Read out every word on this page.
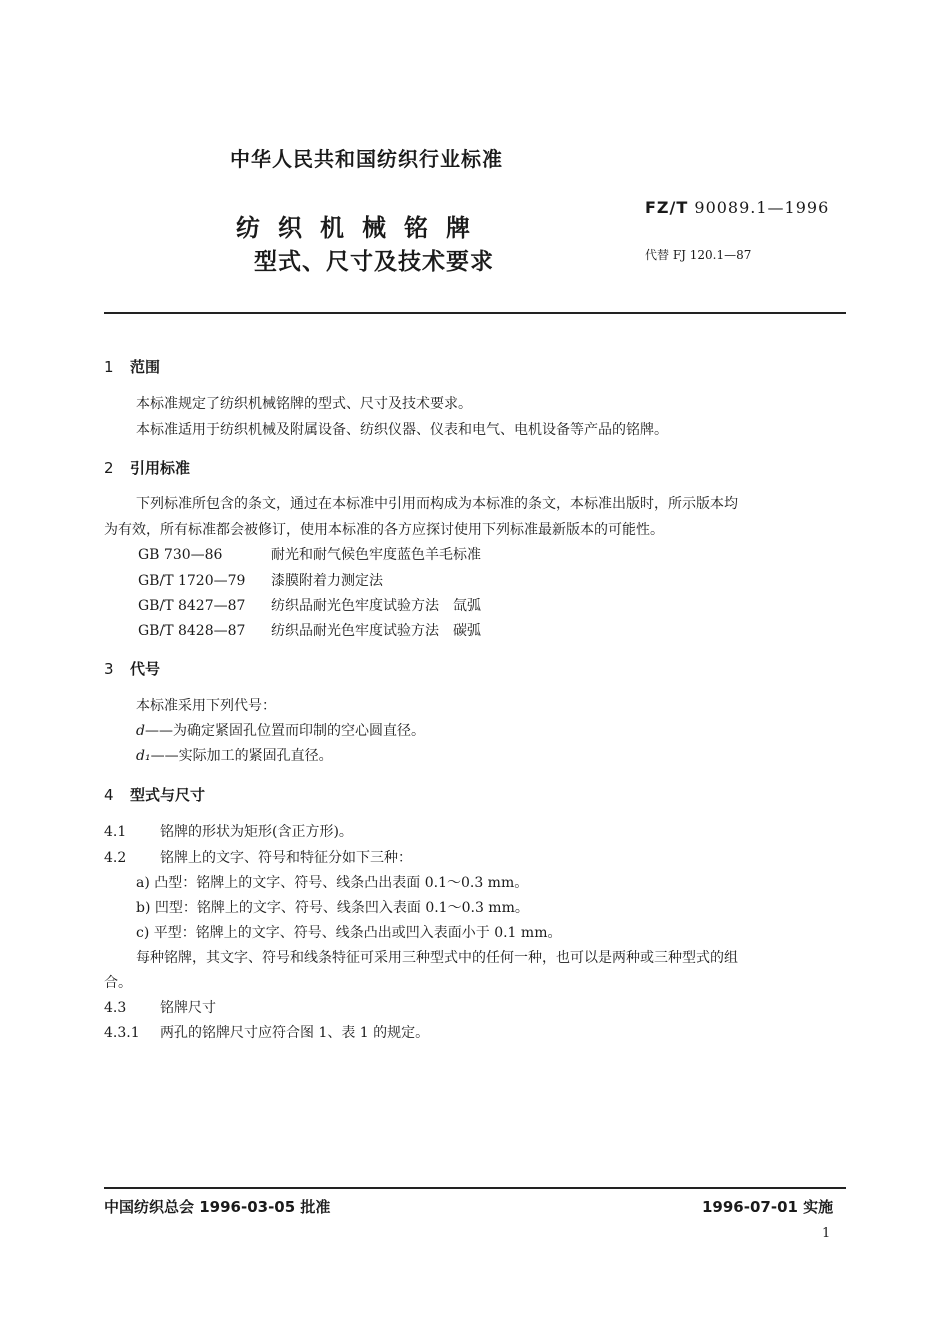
中华人民共和国纺织行业标准
FZ/T 90089.1—1996
纺织机械铭牌
型式、尺寸及技术要求	代替 FJ 120.1—87
1 范围
本标准规定了纺织机械铭牌的型式、尺寸及技术要求。
本标准适用于纺织机械及附属设备、纺织仪器、仪表和电气、电机设备等产品的铭牌。
2 引用标准
下列标准所包含的条文，通过在本标准中引用而构成为本标准的条文，本标准出版时，所示版本均
为有效，所有标准都会被修订，使用本标准的各方应探讨使用下列标准最新版本的可能性。
GB 730—86	耐光和耐气候色牢度蓝色羊毛标准
GB/T 1720—79 漆膜附着力测定法
GB/T 8427—87 纺织品耐光色牢度试验方法　氙弧
GB/T 8428—87 纺织品耐光色牢度试验方法　碳弧
3 代号
本标准采用下列代号：
d——为确定紧固孔位置而印制的空心圆直径。
d₁——实际加工的紧固孔直径。
4 型式与尺寸
4.1 铭牌的形状为矩形(含正方形)。
4.2 铭牌上的文字、符号和特征分如下三种：
a) 凸型：铭牌上的文字、符号、线条凸出表面 0.1～0.3 mm。
b) 凹型：铭牌上的文字、符号、线条凹入表面 0.1～0.3 mm。
c) 平型：铭牌上的文字、符号、线条凸出或凹入表面小于 0.1 mm。
每种铭牌，其文字、符号和线条特征可采用三种型式中的任何一种，也可以是两种或三种型式的组
合。
4.3 铭牌尺寸
4.3.1 两孔的铭牌尺寸应符合图 1、表 1 的规定。
中国纺织总会 1996-03-05 批准	1996-07-01 实施
1
